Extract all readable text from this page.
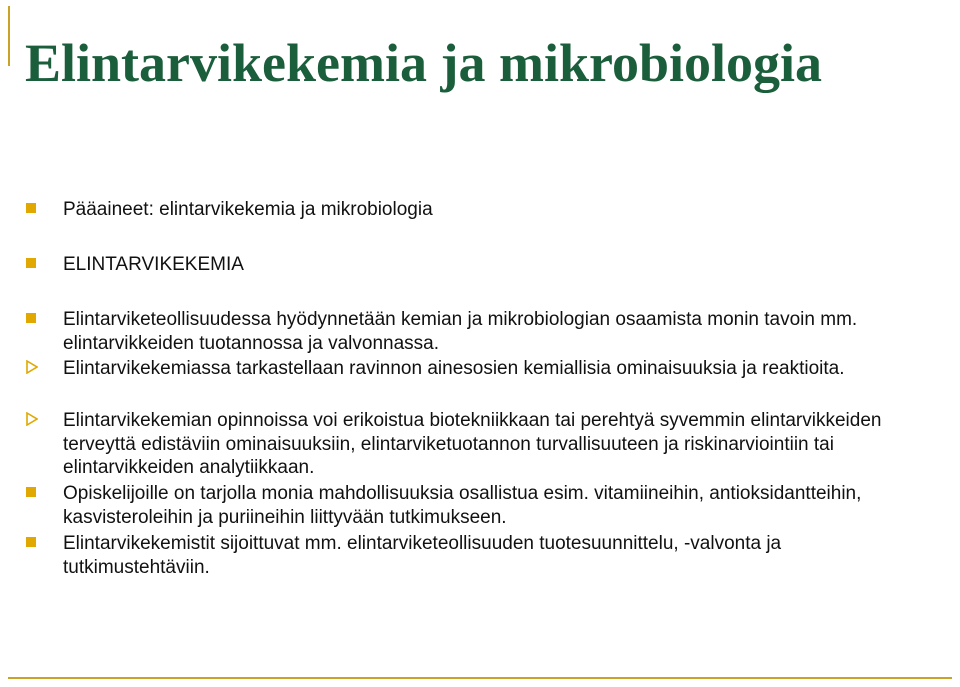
Elintarvikekemia ja mikrobiologia
Pääaineet: elintarvikekemia ja mikrobiologia
ELINTARVIKEKEMIA
Elintarviketeollisuudessa hyödynnetään kemian ja mikrobiologian osaamista monin tavoin mm. elintarvikkeiden tuotannossa ja valvonnassa.
Elintarvikekemiassa tarkastellaan ravinnon ainesosien kemiallisia ominaisuuksia ja reaktioita.
Elintarvikekemian opinnoissa voi erikoistua biotekniikkaan tai perehtyä syvemmin elintarvikkeiden terveyttä edistäviin ominaisuuksiin, elintarviketuotannon turvallisuuteen ja riskinarviointiin tai elintarvikkeiden analytiikkaan.
Opiskelijoille on tarjolla monia mahdollisuuksia osallistua esim. vitamiineihin, antioksidantteihin, kasvisteroleihin ja puriineihin liittyvään tutkimukseen.
Elintarvikekemistit sijoittuvat mm. elintarviketeollisuuden tuotesuunnittelu, -valvonta ja tutkimustehtäviin.
